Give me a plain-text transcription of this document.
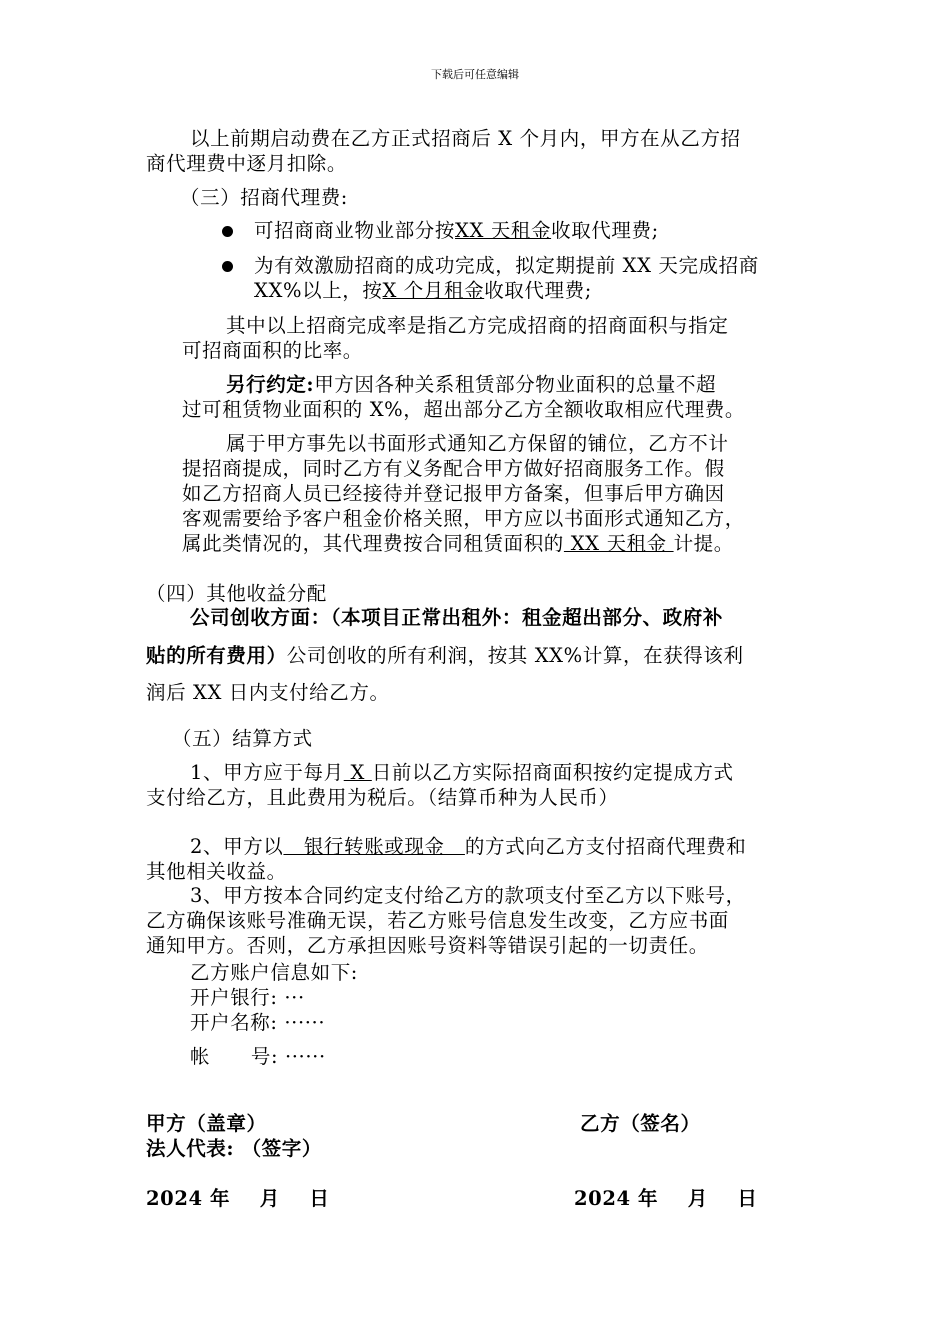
下载后可任意编辑
以上前期启动费在乙方正式招商后 X 个月内，甲方在从乙方招
商代理费中逐月扣除。
（三）招商代理费:
可招商商业物业部分按XX 天租金收取代理费;
为有效激励招商的成功完成，拟定期提前 XX 天完成招商
XX%以上，按X 个月租金收取代理费;
其中以上招商完成率是指乙方完成招商的招商面积与指定
可招商面积的比率。
另行约定:甲方因各种关系租赁部分物业面积的总量不超
过可租赁物业面积的 X%，超出部分乙方全额收取相应代理费。
属于甲方事先以书面形式通知乙方保留的铺位，乙方不计
提招商提成，同时乙方有义务配合甲方做好招商服务工作。假
如乙方招商人员已经接待并登记报甲方备案，但事后甲方确因
客观需要给予客户租金价格关照，甲方应以书面形式通知乙方，
属此类情况的，其代理费按合同租赁面积的 XX 天租金 计提。
（四）其他收益分配
公司创收方面：（本项目正常出租外：租金超出部分、政府补
贴的所有费用）公司创收的所有利润，按其 XX%计算，在获得该利
润后 XX 日内支付给乙方。
（五）结算方式
1、甲方应于每月 X 日前以乙方实际招商面积按约定提成方式
支付给乙方，且此费用为税后。（结算币种为人民币）
2、甲方以   银行转账或现金   的方式向乙方支付招商代理费和
其他相关收益。
3、甲方按本合同约定支付给乙方的款项支付至乙方以下账号，
乙方确保该账号准确无误，若乙方账号信息发生改变，乙方应书面
通知甲方。否则，乙方承担因账号资料等错误引起的一切责任。
乙方账户信息如下:
开户银行: ···
开户名称: ······
帐      号: ······
甲方（盖章）	乙方（签名）
法人代表: （签字）
2024 年    月    日	2024 年    月    日
